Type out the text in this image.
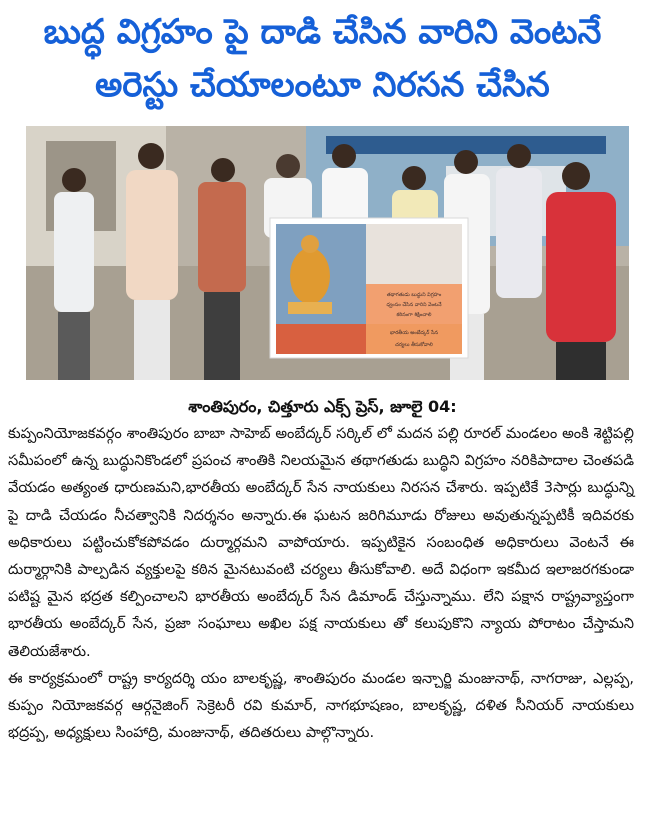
బుద్ధ విగ్రహం పై దాడి చేసిన వారిని వెంటనే
అరెస్టు చేయాలంటూ నిరసన చేసిన
తథాగతుడు బుద్ధుని విగ్రహం
ధ్వంసం చేసిన వారిని వెంటనే
కఠినంగా శిక్షించాలి
భారతీయ అంబేద్కర్ సేన
చర్యలు తీసుకోవాలి
శాంతిపురం, చిత్తూరు ఎక్స్ ప్రెస్, జూలై 04:

కుప్పంనియోజకవర్గం శాంతిపురం బాబా సాహెబ్ అంబేద్కర్ సర్కిల్ లో మదన పల్లి రూరల్ మండలం అంకి శెట్టిపల్లి సమీపంలో ఉన్న బుద్ధునికొండలో ప్రపంచ శాంతికి నిలయమైన తథాగతుడు బుద్ధిని విగ్రహం నరికిపాదాల చెంతపడి వేయడం అత్యంత ధారుణమని,భారతీయ అంబేద్కర్ సేన నాయకులు నిరసన చేశారు. ఇప్పటికే 3సార్లు బుద్ధున్ని పై దాడి చేయడం నీచత్వానికి నిదర్శనం అన్నారు.ఈ ఘటన జరిగిమూడు రోజులు అవుతున్నప్పటికీ ఇదివరకు అధికారులు పట్టించుకోకపోవడం దుర్మార్గమని వాపోయారు. ఇప్పటికైన సంబంధిత అధికారులు వెంటనే ఈ దుర్మార్గానికి పాల్పడిన వ్యక్తులపై కఠిన మైనటువంటి చర్యలు తీసుకోవాలి. అదే విధంగా ఇకమీద ఇలాజరగకుండా పటిష్ట మైన భద్రత కల్పించాలని భారతీయ అంబేద్కర్ సేన డిమాండ్ చేస్తున్నాము. లేని పక్షాన రాష్ట్రవ్యాప్తంగా భారతీయ అంబేద్కర్ సేన, ప్రజా సంఘాలు అఖిల పక్ష నాయకులు తో కలుపుకొని న్యాయ పోరాటం చేస్తామని తెలియజేశారు.

ఈ కార్యక్రమంలో రాష్ట్ర కార్యదర్శి యం బాలకృష్ణ, శాంతిపురం మండల ఇన్చార్జి మంజునాథ్, నాగరాజు, ఎల్లప్ప, కుప్పం నియోజకవర్గ ఆర్గనైజింగ్ సెక్రెటరీ రవి కుమార్, నాగభూషణం, బాలకృష్ణ, దళిత సీనియర్ నాయకులు భద్రప్ప, అధ్యక్షులు సింహాద్రి, మంజునాథ్, తదితరులు పాల్గొన్నారు.
